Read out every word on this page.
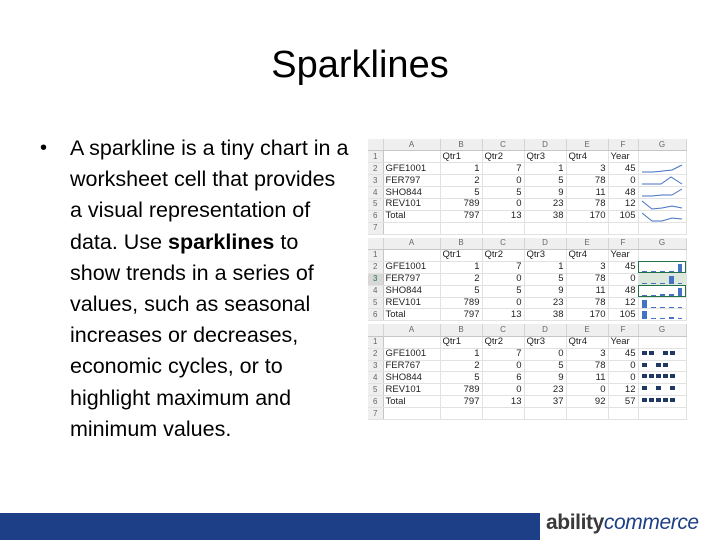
Sparklines
•	A sparkline is a tiny chart in a worksheet cell that provides a visual representation of data. Use sparklines to show trends in a series of values, such as seasonal increases or decreases, economic cycles, or to highlight maximum and minimum values.
	A	B	C	D	E	F	G
1		Qtr1	Qtr2	Qtr3	Qtr4	Year	
2	GFE1001	1	7	1	3	45	

3	FER797	2	0	5	78	0	

4	SHO844	5	5	9	11	48	

5	REV101	789	0	23	78	12	

6	Total	797	13	38	170	105	

7							
	A	B	C	D	E	F	G
1		Qtr1	Qtr2	Qtr3	Qtr4	Year	
2	GFE1001	1	7	1	3	45	

3	FER797	2	0	5	78	0	

4	SHO844	5	5	9	11	48	

5	REV101	789	0	23	78	12	

6	Total	797	13	38	170	105	
	A	B	C	D	E	F	G
1		Qtr1	Qtr2	Qtr3	Qtr4	Year	
2	GFE1001	1	7	0	3	45	

3	FER767	2	0	5	78	0	

4	SHO844	5	6	9	11	0	

5	REV101	789	0	23	0	12	

6	Total	797	13	37	92	57	

7							
ability commerce
